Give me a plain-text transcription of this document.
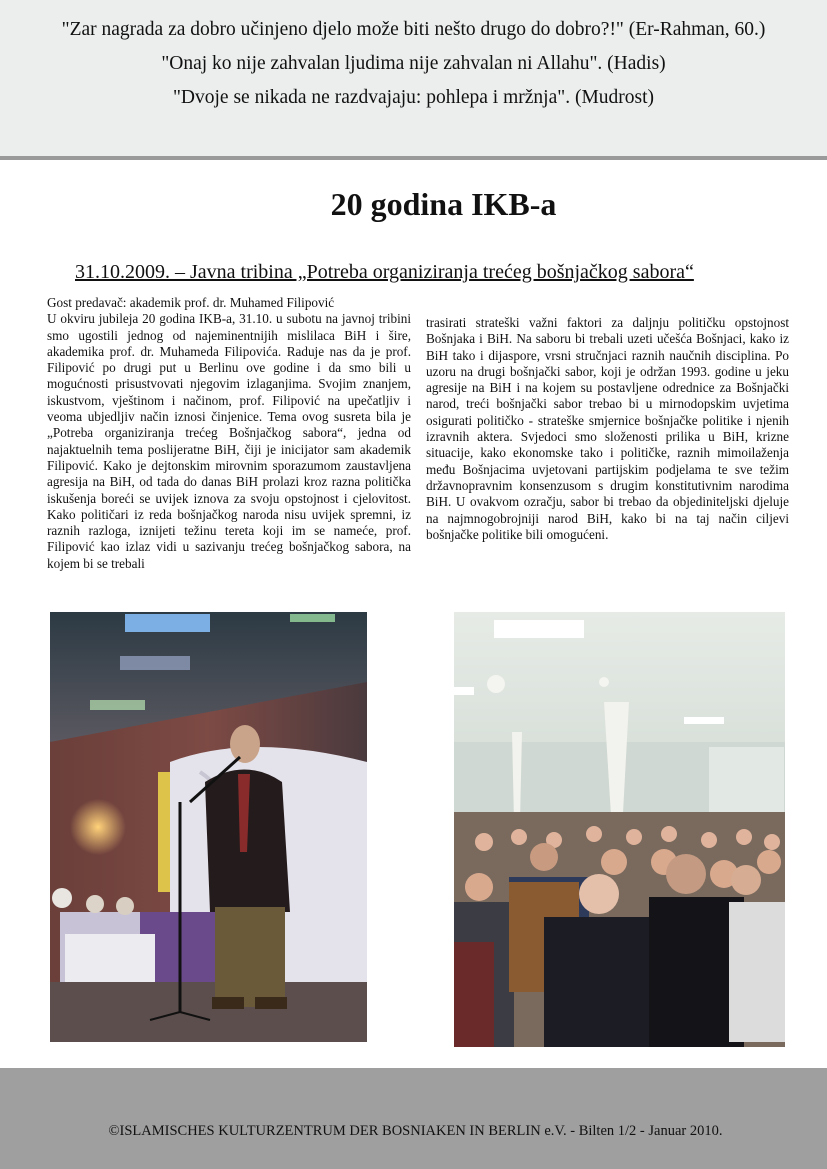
"Zar nagrada za dobro učinjeno djelo može biti nešto drugo do dobro?!" (Er-Rahman, 60.)
"Onaj ko nije zahvalan ljudima nije zahvalan ni Allahu". (Hadis)
"Dvoje se nikada ne razdvajaju: pohlepa i mržnja". (Mudrost)
20 godina IKB-a
31.10.2009. – Javna tribina „Potreba organiziranja trećeg bošnjačkog sabora“

Gost predavač: akademik prof. dr. Muhamed Filipović

U okviru jubileja 20 godina IKB-a, 31.10. u subotu na javnoj tribini smo ugostili jednog od najeminentnijih mislilaca BiH i šire, akademika prof. dr. Muhameda Filipovića. Raduje nas da je prof. Filipović po drugi put u Berlinu ove godine i da smo bili u mogućnosti prisustvovati njegovim izlaganjima. Svojim znanjem, iskustvom, vještinom i načinom, prof. Filipović na upečatljiv i veoma ubjedljiv način iznosi činjenice. Tema ovog susreta bila je „Potreba organiziranja trećeg Bošnjačkog sabora“, jedna od najaktuelnih tema poslijeratne BiH, čiji je inicijator sam akademik Filipović. Kako je dejtonskim mirovnim sporazumom zaustavljena agresija na BiH, od tada do danas BiH prolazi kroz razna politička iskušenja boreći se uvijek iznova za svoju opstojnost i cjelovitost. Kako političari iz reda bošnjačkog naroda nisu uvijek spremni, iz raznih razloga, iznijeti težinu tereta koji im se nameće, prof. Filipović kao izlaz vidi u sazivanju trećeg bošnjačkog sabora, na kojem bi se trebali

trasirati strateški važni faktori za daljnju političku opstojnost Bošnjaka i BiH. Na saboru bi trebali uzeti učešća Bošnjaci, kako iz BiH tako i dijaspore, vrsni stručnjaci raznih naučnih disciplina. Po uzoru na drugi bošnjački sabor, koji je održan 1993. godine u jeku agresije na BiH i na kojem su postavljene odrednice za Bošnjački narod, treći bošnjački sabor trebao bi u mirnodopskim uvjetima osigurati političko - strateške smjernice bošnjačke politike i njenih izravnih aktera. Svjedoci smo složenosti prilika u BiH, krizne situacije, kako ekonomske tako i političke, raznih mimoilaženja među Bošnjacima uvjetovani partijskim podjelama te sve težim državnopravnim konsenzusom s drugim konstitutivnim narodima BiH. U ovakvom ozračju, sabor bi trebao da objediniteljski djeluje na najmnogobrojniji narod BiH, kako bi na taj način ciljevi bošnjačke politike bili omogućeni.

©ISLAMISCHES KULTURZENTRUM DER BOSNIAKEN IN BERLIN e.V. - Bilten 1/2 - Januar 2010.
